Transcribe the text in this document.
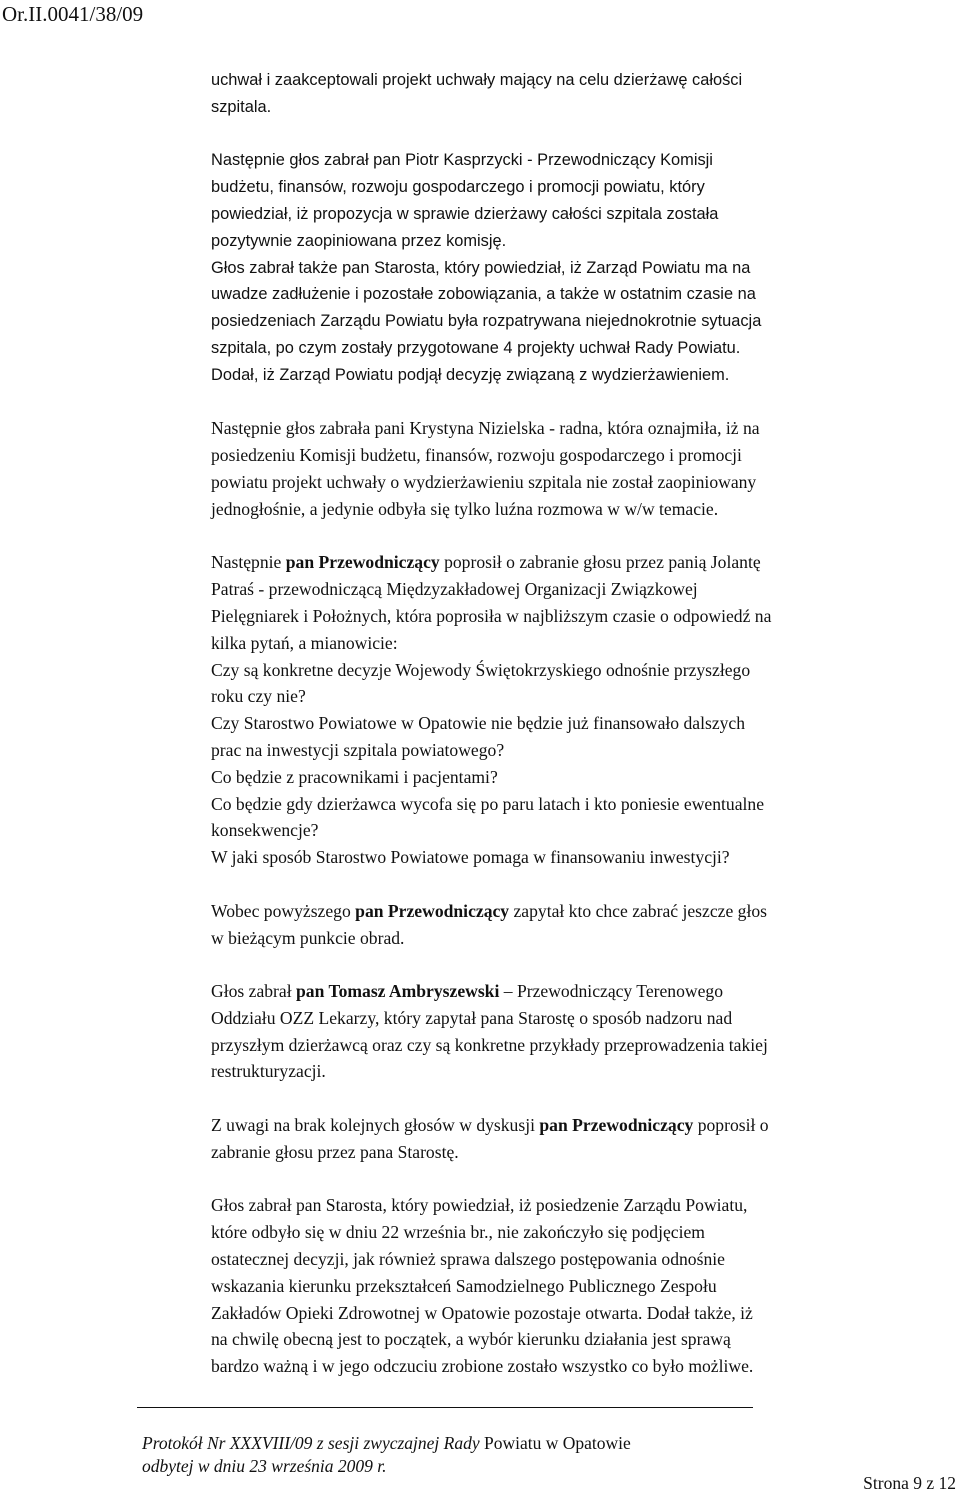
Or.II.0041/38/09

uchwał i zaakceptowali projekt uchwały mający na celu dzierżawę całości
szpitala.

Następnie głos zabrał pan Piotr Kasprzycki - Przewodniczący Komisji
budżetu, finansów, rozwoju gospodarczego i promocji powiatu, który
powiedział, iż propozycja w sprawie dzierżawy całości szpitala została
pozytywnie zaopiniowana przez komisję.

Głos zabrał także pan Starosta, który powiedział, iż Zarząd Powiatu ma na
uwadze zadłużenie i pozostałe zobowiązania, a także w ostatnim czasie na
posiedzeniach Zarządu Powiatu była rozpatrywana niejednokrotnie sytuacja
szpitala, po czym zostały przygotowane 4 projekty uchwał Rady Powiatu.
Dodał, iż Zarząd Powiatu podjął decyzję związaną z wydzierżawieniem.

Następnie głos zabrała pani Krystyna Nizielska - radna, która oznajmiła, iż na
posiedzeniu Komisji budżetu, finansów, rozwoju gospodarczego i promocji
powiatu projekt uchwały o wydzierżawieniu szpitala nie został zaopiniowany
jednogłośnie, a jedynie odbyła się tylko luźna rozmowa w w/w temacie.

Następnie pan Przewodniczący poprosił o zabranie głosu przez panią Jolantę
Patraś - przewodniczącą Międzyzakładowej Organizacji Związkowej
Pielęgniarek i Położnych, która poprosiła w najbliższym czasie o odpowiedź na
kilka pytań, a mianowicie:
Czy są konkretne decyzje Wojewody Świętokrzyskiego odnośnie przyszłego
roku czy nie?
Czy Starostwo Powiatowe w Opatowie nie będzie już finansowało dalszych
prac na inwestycji szpitala powiatowego?
Co będzie z pracownikami i pacjentami?
Co będzie gdy dzierżawca wycofa się po paru latach i kto poniesie ewentualne
konsekwencje?
W jaki sposób Starostwo Powiatowe pomaga w finansowaniu inwestycji?

Wobec powyższego pan Przewodniczący zapytał kto chce zabrać jeszcze głos
w bieżącym punkcie obrad.

Głos zabrał pan Tomasz Ambryszewski – Przewodniczący Terenowego
Oddziału OZZ Lekarzy, który zapytał pana Starostę o sposób nadzoru nad
przyszłym dzierżawcą oraz czy są konkretne przykłady przeprowadzenia takiej
restrukturyzacji.

Z uwagi na brak kolejnych głosów w dyskusji pan Przewodniczący poprosił o
zabranie głosu przez pana Starostę.

Głos zabrał pan Starosta, który powiedział, iż posiedzenie Zarządu Powiatu,
które odbyło się w dniu 22 września br., nie zakończyło się podjęciem
ostatecznej decyzji, jak również sprawa dalszego postępowania odnośnie
wskazania kierunku przekształceń Samodzielnego Publicznego Zespołu
Zakładów Opieki Zdrowotnej w Opatowie pozostaje otwarta. Dodał także, iż
na chwilę obecną jest to początek, a wybór kierunku działania jest sprawą
bardzo ważną i w jego odczuciu zrobione zostało wszystko co było możliwe.

Protokół Nr XXXVIII/09 z sesji zwyczajnej Rady Powiatu w Opatowie
odbytej w dniu 23 września 2009 r.
Strona 9 z 12
